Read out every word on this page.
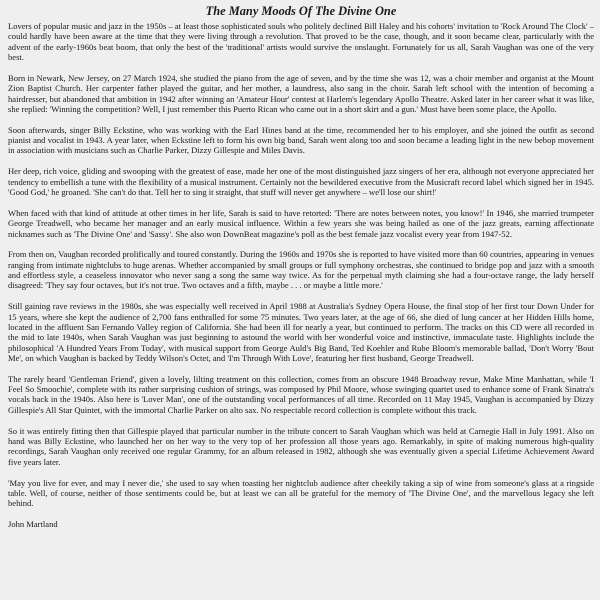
The Many Moods Of The Divine One

Lovers of popular music and jazz in the 1950s – at least those sophisticated souls who politely declined Bill Haley and his cohorts' invitation to 'Rock Around The Clock' – could hardly have been aware at the time that they were living through a revolution. That proved to be the case, though, and it soon became clear, particularly with the advent of the early-1960s beat boom, that only the best of the 'traditional' artists would survive the onslaught. Fortunately for us all, Sarah Vaughan was one of the very best.

Born in Newark, New Jersey, on 27 March 1924, she studied the piano from the age of seven, and by the time she was 12, was a choir member and organist at the Mount Zion Baptist Church. Her carpenter father played the guitar, and her mother, a laundress, also sang in the choir. Sarah left school with the intention of becoming a hairdresser, but abandoned that ambition in 1942 after winning an 'Amateur Hour' contest at Harlem's legendary Apollo Theatre. Asked later in her career what it was like, she replied: 'Winning the competition? Well, I just remember this Puerto Rican who came out in a short skirt and a gun.' Must have been some place, the Apollo.

Soon afterwards, singer Billy Eckstine, who was working with the Earl Hines band at the time, recommended her to his employer, and she joined the outfit as second pianist and vocalist in 1943. A year later, when Eckstine left to form his own big band, Sarah went along too and soon became a leading light in the new bebop movement in association with musicians such as Charlie Parker, Dizzy Gillespie and Miles Davis.

Her deep, rich voice, gliding and swooping with the greatest of ease, made her one of the most distinguished jazz singers of her era, although not everyone appreciated her tendency to embellish a tune with the flexibility of a musical instrument. Certainly not the bewildered executive from the Musicraft record label which signed her in 1945. 'Good God,' he groaned. 'She can't do that. Tell her to sing it straight, that stuff will never get anywhere – we'll lose our shirt!'

When faced with that kind of attitude at other times in her life, Sarah is said to have retorted: 'There are notes between notes, you know!' In 1946, she married trumpeter George Treadwell, who became her manager and an early musical influence. Within a few years she was being hailed as one of the jazz greats, earning affectionate nicknames such as 'The Divine One' and 'Sassy'. She also won DownBeat magazine's poll as the best female jazz vocalist every year from 1947-52.

From then on, Vaughan recorded prolifically and toured constantly. During the 1960s and 1970s she is reported to have visited more than 60 countries, appearing in venues ranging from intimate nightclubs to huge arenas. Whether accompanied by small groups or full symphony orchestras, she continued to bridge pop and jazz with a smooth and effortless style, a ceaseless innovator who never sang a song the same way twice. As for the perpetual myth claiming she had a four-octave range, the lady herself disagreed: 'They say four octaves, but it's not true. Two octaves and a fifth, maybe . . . or maybe a little more.'

Still gaining rave reviews in the 1980s, she was especially well received in April 1988 at Australia's Sydney Opera House, the final stop of her first tour Down Under for 15 years, where she kept the audience of 2,700 fans enthralled for some 75 minutes. Two years later, at the age of 66, she died of lung cancer at her Hidden Hills home, located in the affluent San Fernando Valley region of California. She had been ill for nearly a year, but continued to perform. The tracks on this CD were all recorded in the mid to late 1940s, when Sarah Vaughan was just beginning to astound the world with her wonderful voice and instinctive, immaculate taste. Highlights include the philosophical 'A Hundred Years From Today', with musical support from George Auld's Big Band, Ted Koehler and Rube Bloom's memorable ballad, 'Don't Worry 'Bout Me', on which Vaughan is backed by Teddy Wilson's Octet, and 'I'm Through With Love', featuring her first husband, George Treadwell.

The rarely heard 'Gentleman Friend', given a lovely, lilting treatment on this collection, comes from an obscure 1948 Broadway revue, Make Mine Manhattan, while 'I Feel So Smoochie', complete with its rather surprising cushion of strings, was composed by Phil Moore, whose swinging quartet used to enhance some of Frank Sinatra's vocals back in the 1940s. Also here is 'Lover Man', one of the outstanding vocal performances of all time. Recorded on 11 May 1945, Vaughan is accompanied by Dizzy Gillespie's All Star Quintet, with the immortal Charlie Parker on alto sax. No respectable record collection is complete without this track.

So it was entirely fitting then that Gillespie played that particular number in the tribute concert to Sarah Vaughan which was held at Carnegie Hall in July 1991. Also on hand was Billy Eckstine, who launched her on her way to the very top of her profession all those years ago. Remarkably, in spite of making numerous high-quality recordings, Sarah Vaughan only received one regular Grammy, for an album released in 1982, although she was eventually given a special Lifetime Achievement Award five years later.

'May you live for ever, and may I never die,' she used to say when toasting her nightclub audience after cheekily taking a sip of wine from someone's glass at a ringside table. Well, of course, neither of those sentiments could be, but at least we can all be grateful for the memory of 'The Divine One', and the marvellous legacy she left behind.

John Martland
